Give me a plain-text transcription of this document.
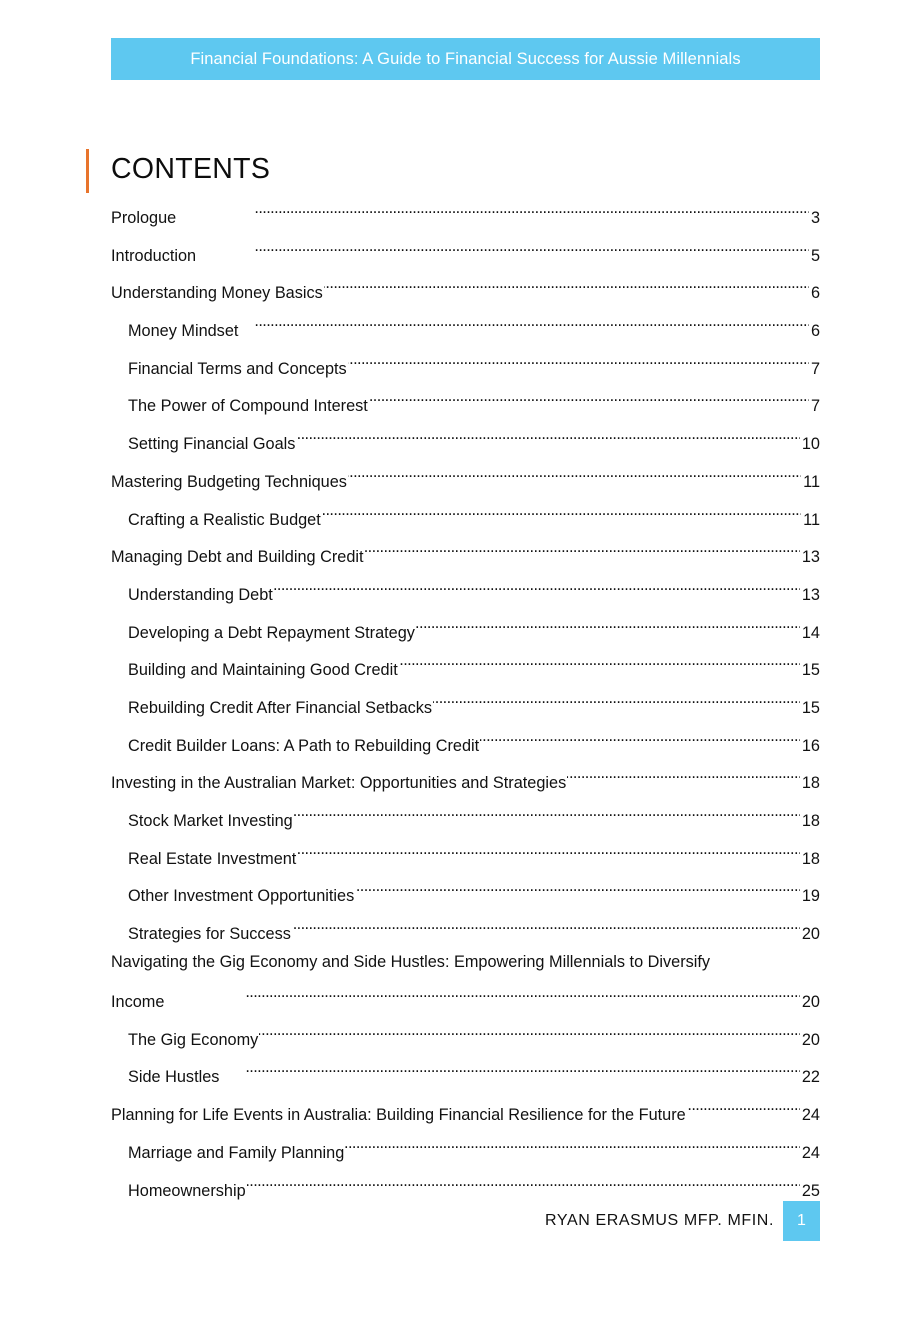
Financial Foundations: A Guide to Financial Success for Aussie Millennials
CONTENTS
Prologue . . .	3
Introduction . . .	5
Understanding Money Basics . . .	6
Money Mindset . . .	6
Financial Terms and Concepts . . .	7
The Power of Compound Interest . . .	7
Setting Financial Goals . . .	10
Mastering Budgeting Techniques . . .	11
Crafting a Realistic Budget . . .	11
Managing Debt and Building Credit . . .	13
Understanding Debt . . .	13
Developing a Debt Repayment Strategy . . .	14
Building and Maintaining Good Credit . . .	15
Rebuilding Credit After Financial Setbacks . . .	15
Credit Builder Loans: A Path to Rebuilding Credit . . .	16
Investing in the Australian Market: Opportunities and Strategies . . .	18
Stock Market Investing . . .	18
Real Estate Investment . . .	18
Other Investment Opportunities . . .	19
Strategies for Success . . .	20
Navigating the Gig Economy and Side Hustles: Empowering Millennials to Diversify
Income . . .	20
The Gig Economy . . .	20
Side Hustles . . .	22
Planning for Life Events in Australia: Building Financial Resilience for the Future . . .	24
Marriage and Family Planning . . .	24
Homeownership . . .	25
RYAN ERASMUS MFP. MFIN. 1
